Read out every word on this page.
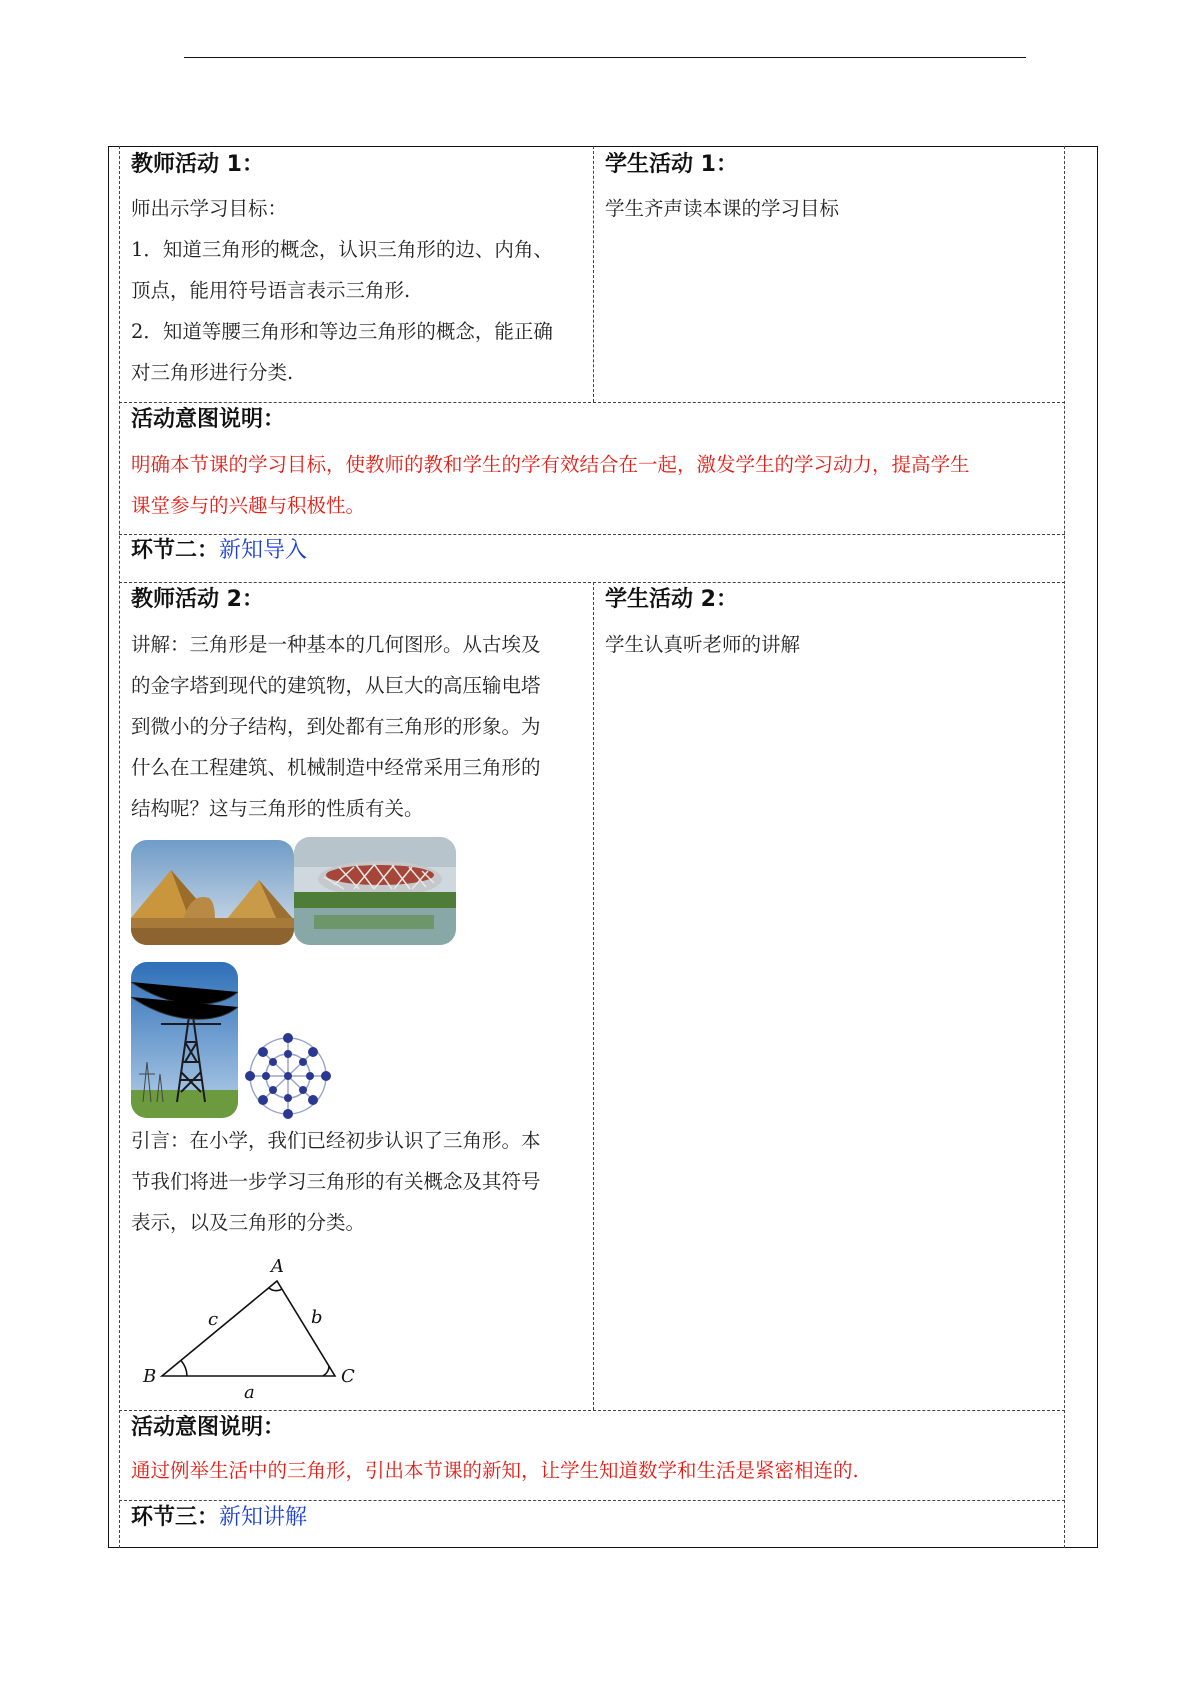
教师活动 1：
师出示学习目标：
1．知道三角形的概念，认识三角形的边、内角、
顶点，能用符号语言表示三角形.
2．知道等腰三角形和等边三角形的概念，能正确
对三角形进行分类.
学生活动 1：
学生齐声读本课的学习目标
活动意图说明：
明确本节课的学习目标，使教师的教和学生的学有效结合在一起，激发学生的学习动力，提高学生
课堂参与的兴趣与积极性。
环节二：新知导入
教师活动 2：
讲解：三角形是一种基本的几何图形。从古埃及
的金字塔到现代的建筑物，从巨大的高压输电塔
到微小的分子结构，到处都有三角形的形象。为
什么在工程建筑、机械制造中经常采用三角形的
结构呢？这与三角形的性质有关。
引言：在小学，我们已经初步认识了三角形。本
节我们将进一步学习三角形的有关概念及其符号
表示，以及三角形的分类。
A
B	C
a
b
c
学生活动 2：
学生认真听老师的讲解
活动意图说明：
通过例举生活中的三角形，引出本节课的新知，让学生知道数学和生活是紧密相连的.
环节三：新知讲解
